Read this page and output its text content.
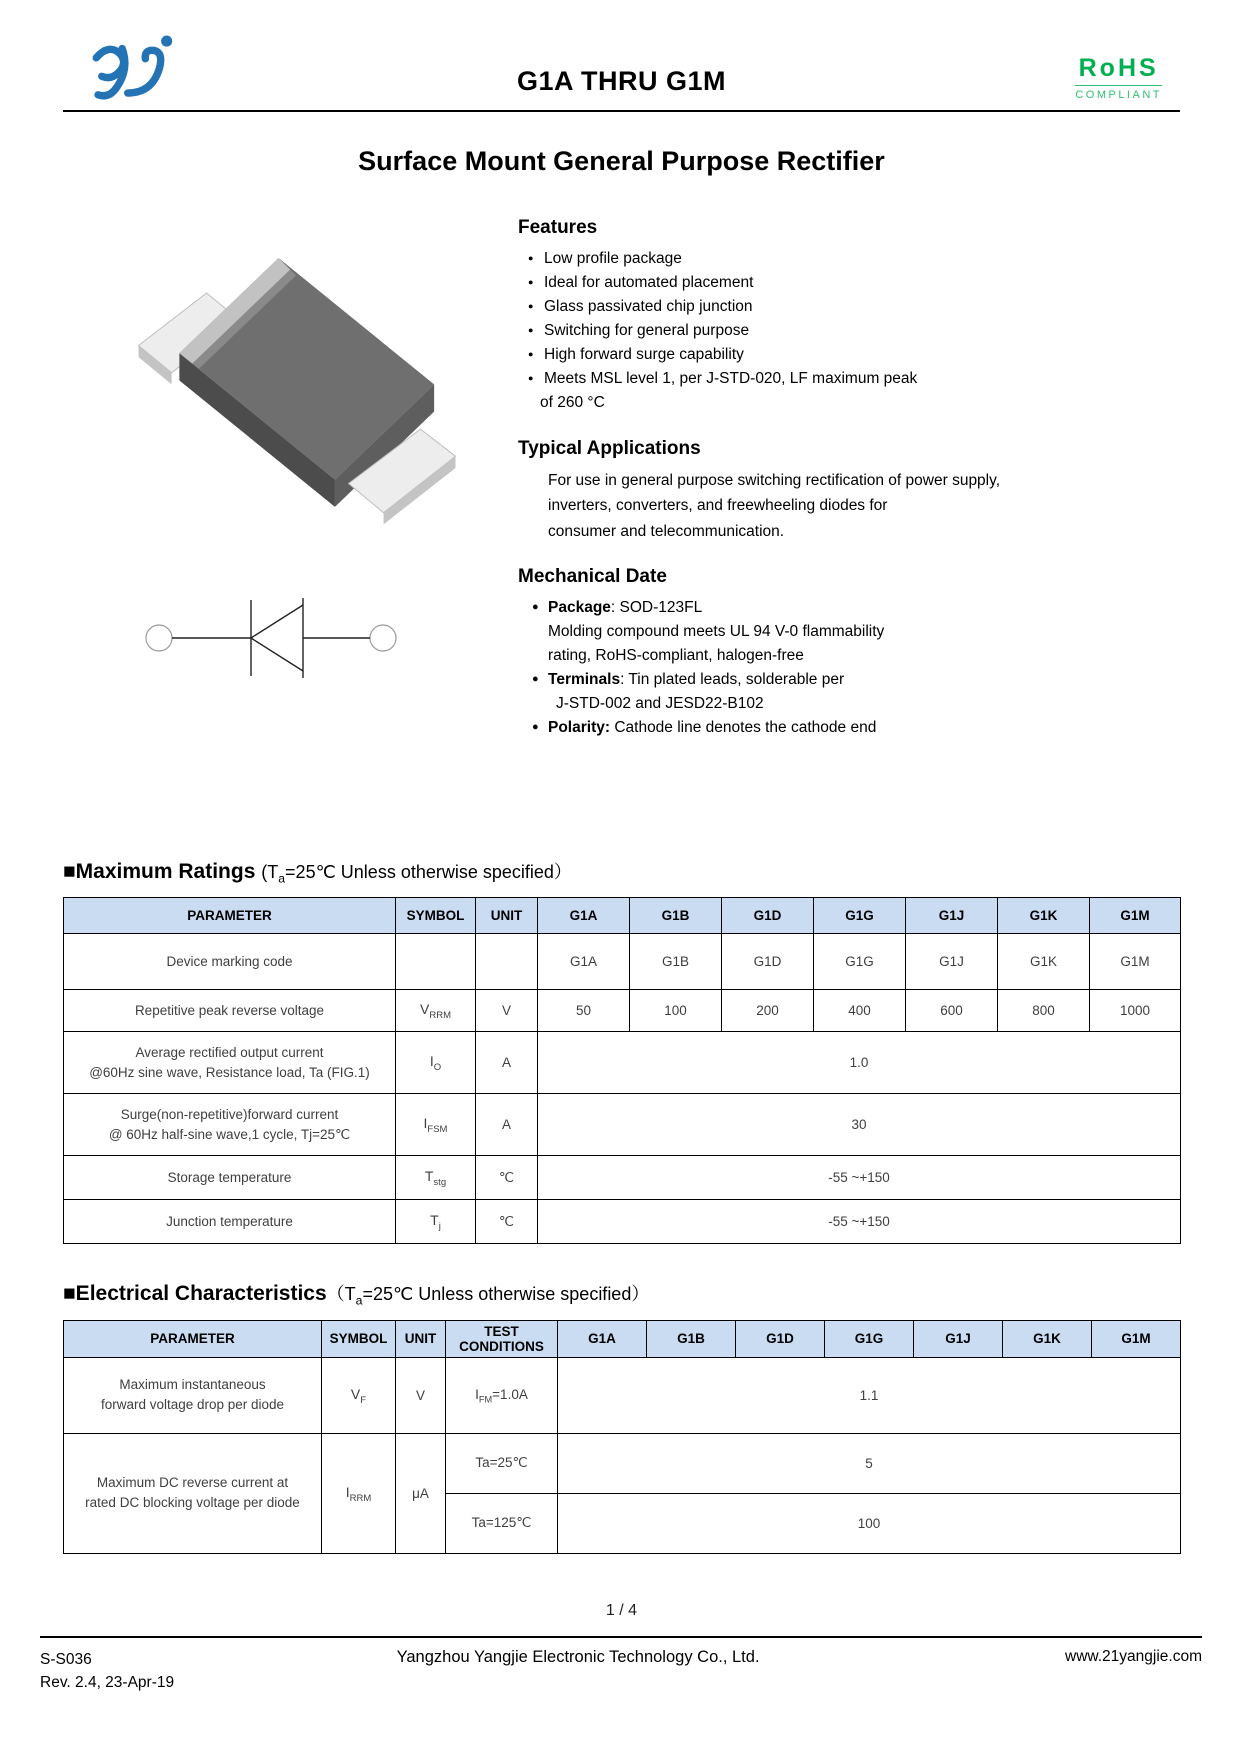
G1A THRU G1M	RoHS
COMPLIANT
Surface Mount General Purpose Rectifier
Features
● Low profile package
● Ideal for automated placement
● Glass passivated chip junction
● Switching for general purpose
● High forward surge capability
● Meets MSL level 1, per J-STD-020, LF maximum peak
of 260 °C
Typical Applications
For use in general purpose switching rectification of power supply,
inverters, converters, and freewheeling diodes for
consumer and telecommunication.
Mechanical Date
● Package: SOD-123FL
Molding compound meets UL 94 V-0 flammability
rating, RoHS-compliant, halogen-free
● Terminals: Tin plated leads, solderable per
J-STD-002 and JESD22-B102
● Polarity: Cathode line denotes the cathode end
■Maximum Ratings ($T_a=25℃$ Unless otherwise specified）
PARAMETER	SYMBOL	UNIT	G1A	G1B	G1D	G1G	G1J	G1K	G1M
Device marking code			G1A	G1B	G1D	G1G	G1J	G1K	G1M
Repetitive peak reverse voltage	$V_{RRM}$	V	50	100	200	400	600	800	1000

Average rectified output current
@60Hz sine wave, Resistance load, Ta (FIG.1)	$I_O$	A	1.0						

Surge(non-repetitive)forward current
@ 60Hz half-sine wave,1 cycle, Tj=25℃	$I_{FSM}$	A	30						
Storage temperature	$T_{stg}$	℃	-55 ~+150						
Junction temperature	$T_j$	℃	-55 ~+150						
■Electrical $Characteristics(T_a=25℃$ Unless otherwise specified）
PARAMETER	SYMBOL	UNIT	TEST CONDITIONS	G1A	G1B	G1D	G1G	G1J	G1K	G1M

Maximum instantaneous
forward voltage drop per diode	$V_F$	V	$I_{FM}=1.0A$	1.1						

Maximum DC reverse current at
rated DC blocking voltage per diode	$I_{RRM}$	μA	Ta=25℃	5						
			Ta=125℃	100						
1 / 4
S-S036
Rev. 2.4, 23-Apr-19
Yangzhou Yangjie Electronic Technology Co., Ltd.	www.21yangjie.com
